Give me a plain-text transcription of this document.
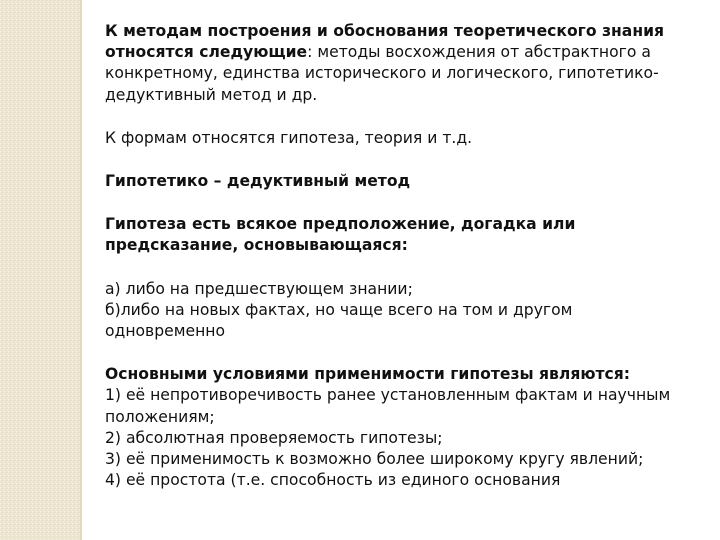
К методам построения и обоснования теоретического знания относятся следующие: методы восхождения от абстрактного а конкретному, единства исторического и логического, гипотетико-дедуктивный метод и др.

К формам относятся гипотеза, теория и т.д.

Гипотетико – дедуктивный метод

Гипотеза есть всякое предположение, догадка или предсказание, основывающаяся:

а) либо на предшествующем знании;

б)либо на новых фактах, но чаще всего на том и другом одновременно

Основными условиями применимости гипотезы являются:

1) её непротиворечивость ранее установленным фактам и научным положениям;

2) абсолютная проверяемость гипотезы;

3) её применимость к возможно более широкому кругу явлений;

4) её простота (т.е. способность из единого основания
